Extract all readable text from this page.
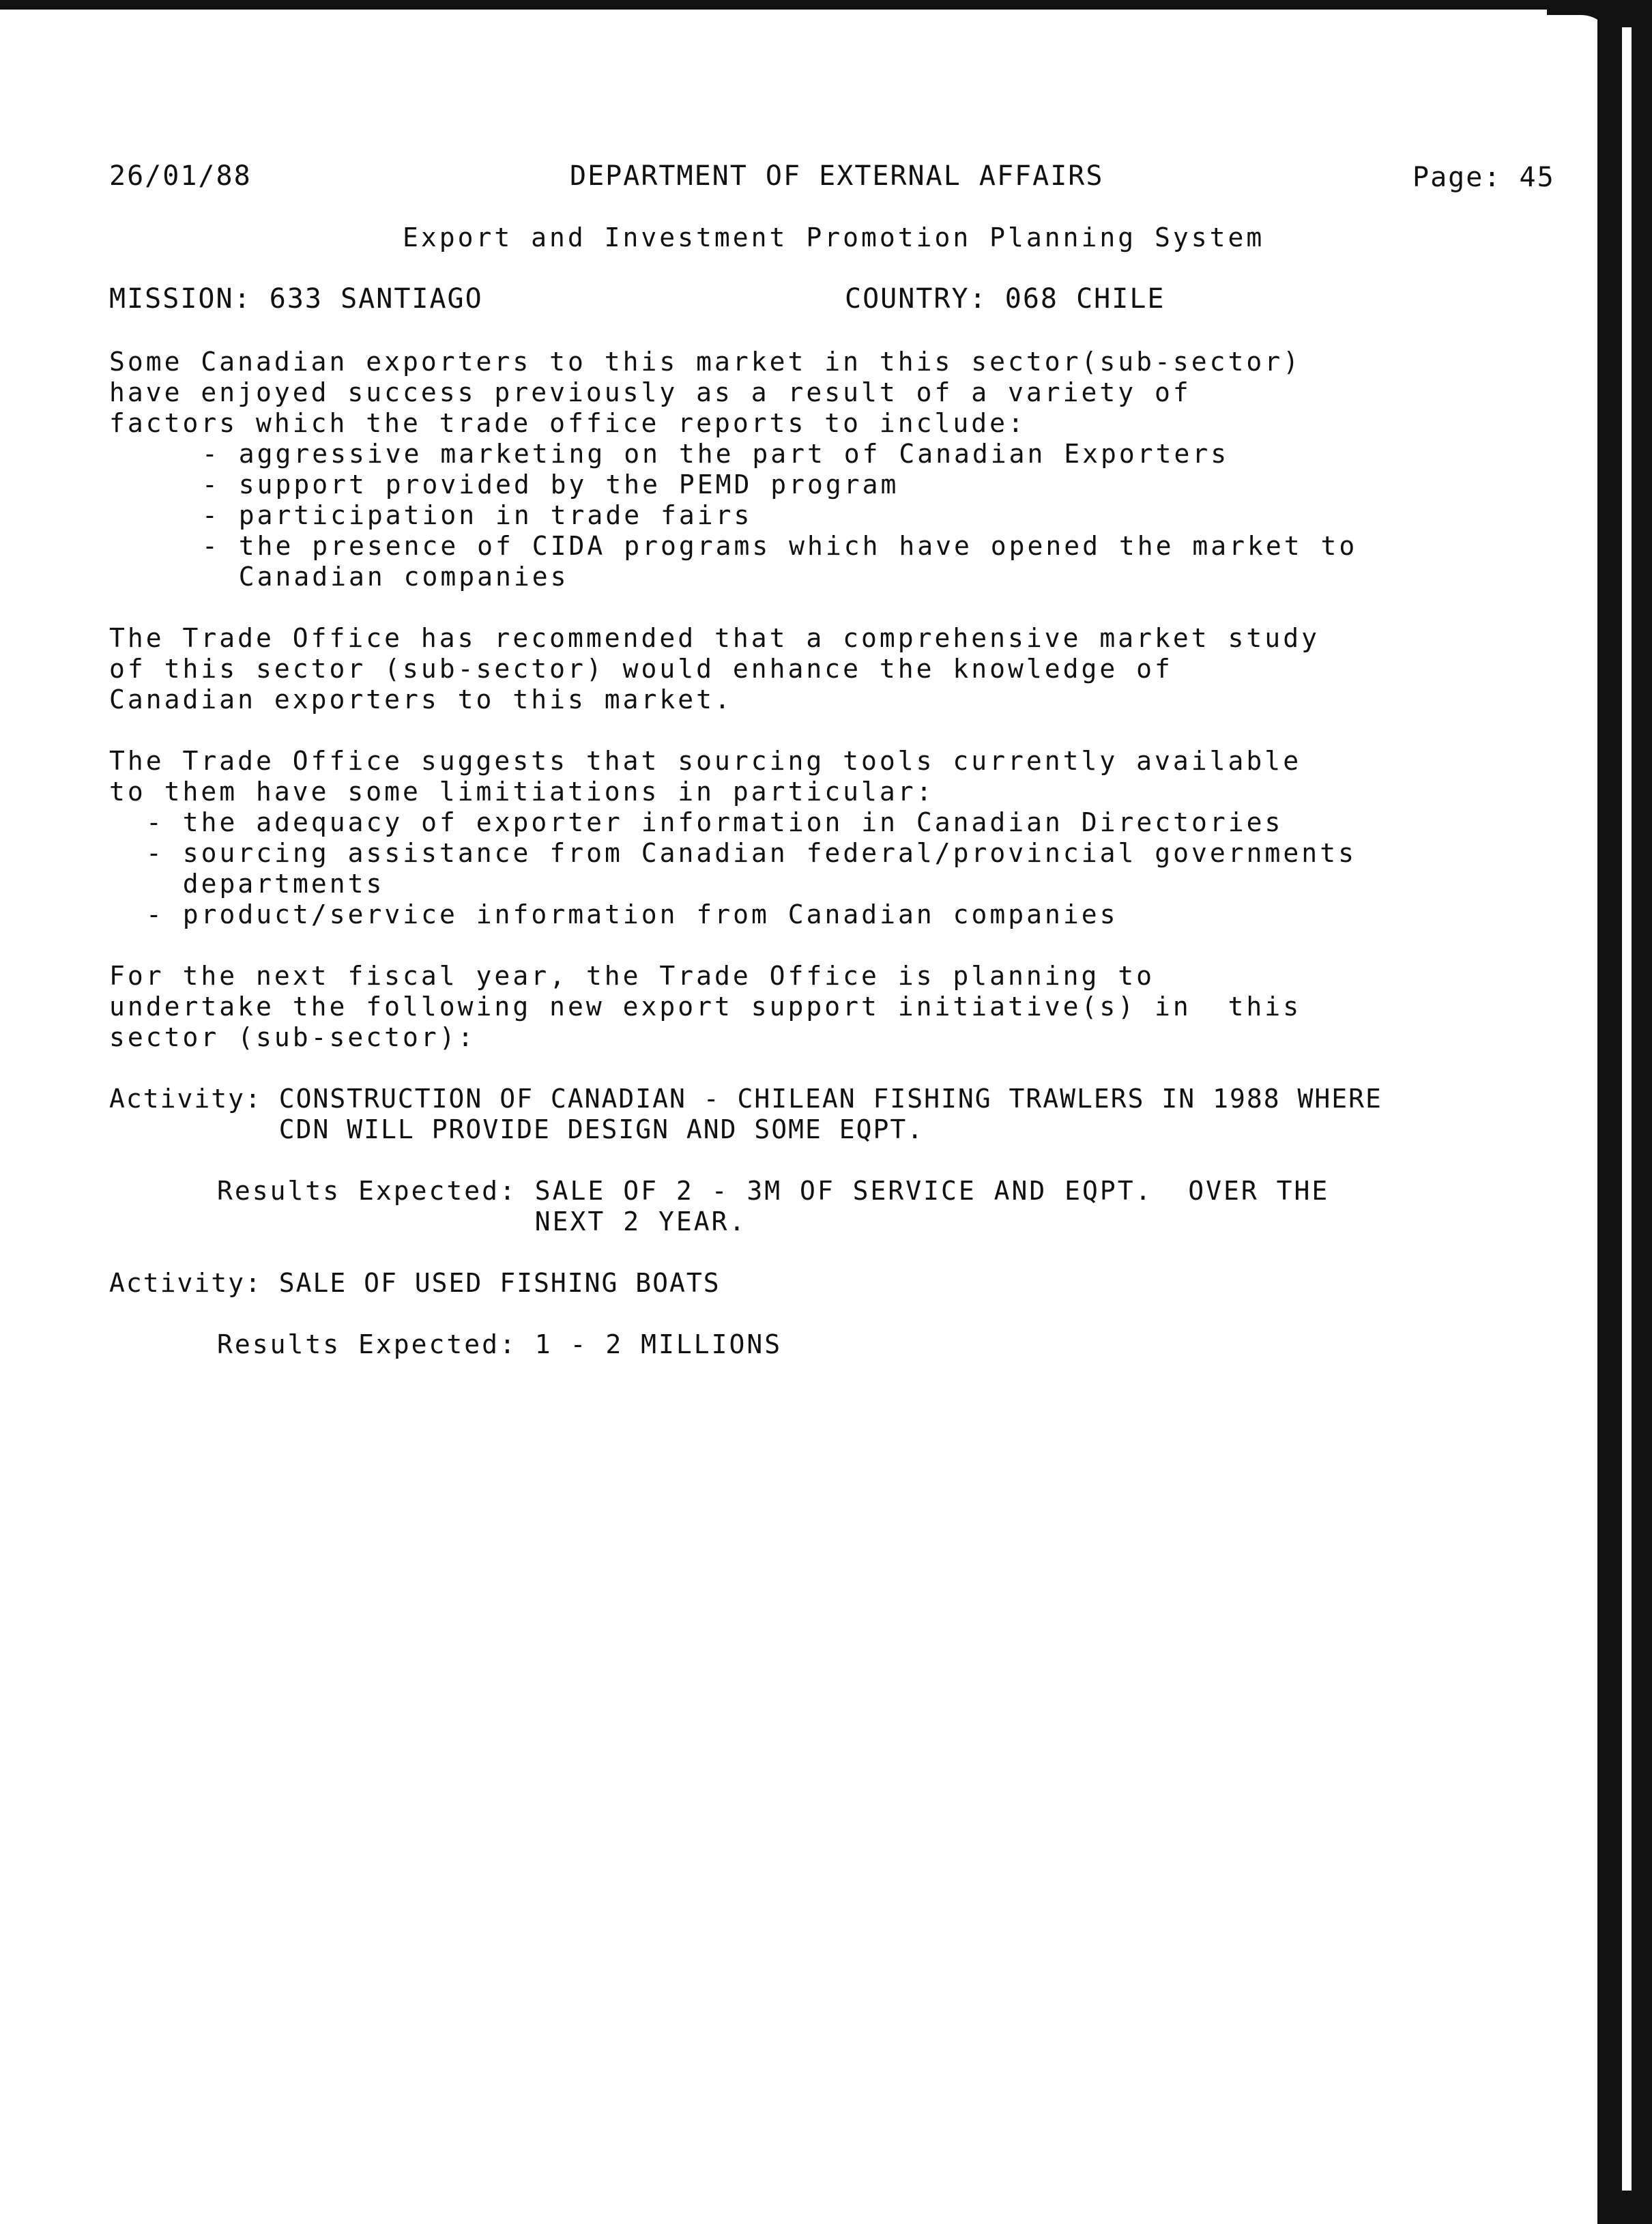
26/01/88	DEPARTMENT OF EXTERNAL AFFAIRS	Page: 45
Export and Investment Promotion Planning System
MISSION: 633 SANTIAGO	COUNTRY: 068 CHILE
Some Canadian exporters to this market in this sector(sub-sector)
have enjoyed success previously as a result of a variety of
factors which the trade office reports to include:
- aggressive marketing on the part of Canadian Exporters
- support provided by the PEMD program
- participation in trade fairs
- the presence of CIDA programs which have opened the market to
Canadian companies
The Trade Office has recommended that a comprehensive market study
of this sector (sub-sector) would enhance the knowledge of
Canadian exporters to this market.
The Trade Office suggests that sourcing tools currently available
to them have some limitiations in particular:
- the adequacy of exporter information in Canadian Directories
- sourcing assistance from Canadian federal/provincial governments
departments
- product/service information from Canadian companies
For the next fiscal year, the Trade Office is planning to
undertake the following new export support initiative(s) in  this
sector (sub-sector):
Activity: CONSTRUCTION OF CANADIAN - CHILEAN FISHING TRAWLERS IN 1988 WHERE
CDN WILL PROVIDE DESIGN AND SOME EQPT.
Results Expected: SALE OF 2 - 3M OF SERVICE AND EQPT.  OVER THE
NEXT 2 YEAR.
Activity: SALE OF USED FISHING BOATS
Results Expected: 1 - 2 MILLIONS
